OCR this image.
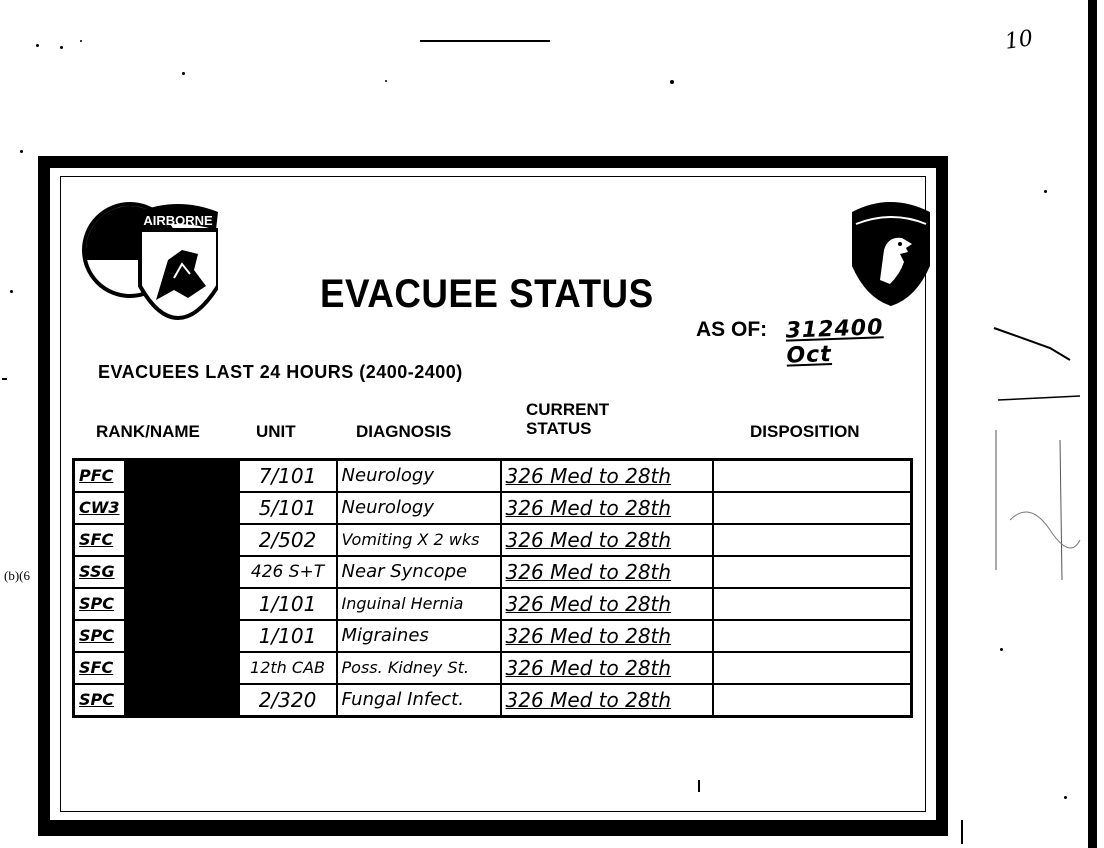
10
(b)(6
AIRBORNE
EVACUEE STATUS
AS OF: 312400 Oct
EVACUEES LAST 24 HOURS (2400-2400)
RANK/NAME	UNIT	DIAGNOSIS
CURRENT
STATUS	DISPOSITION
PFC		7/101	Neurology	326 Med to 28th	
CW3		5/101	Neurology	326 Med to 28th	
SFC		2/502	Vomiting X 2 wks	326 Med to 28th	
SSG		426 S+T	Near Syncope	326 Med to 28th	
SPC		1/101	Inguinal Hernia	326 Med to 28th	
SPC		1/101	Migraines	326 Med to 28th	
SFC		12th CAB	Poss. Kidney St.	326 Med to 28th	
SPC		2/320	Fungal Infect.	326 Med to 28th	
